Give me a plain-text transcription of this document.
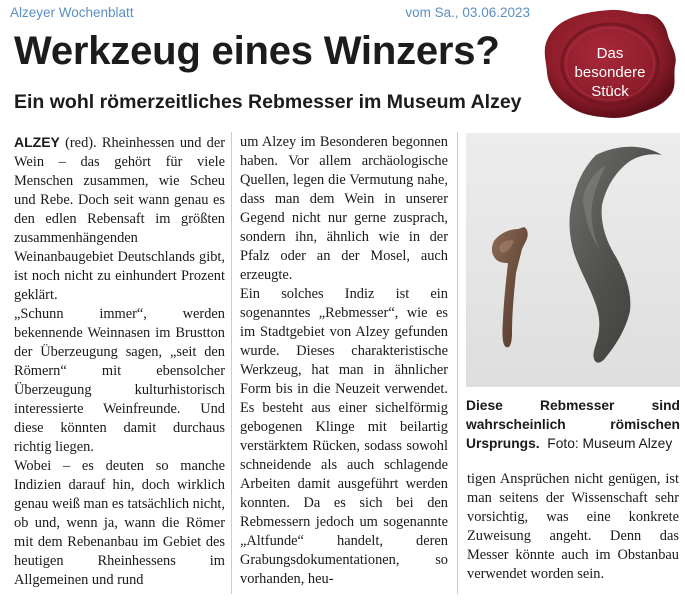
Alzeyer Wochenblatt	vom Sa., 03.06.2023
Werkzeug eines Winzers?
Ein wohl römerzeitliches Rebmesser im Museum Alzey
Das
besondere
Stück

ALZEY (red). Rheinhessen und der Wein – das gehört für viele Menschen zusammen, wie Scheu und Rebe. Doch seit wann genau es den edlen Rebensaft im größten zusammenhängenden Weinanbaugebiet Deutschlands gibt, ist noch nicht zu einhundert Prozent geklärt.

„Schunn immer“, werden bekennende Weinnasen im Brustton der Überzeugung sagen, „seit den Römern“ mit ebensolcher Überzeugung kulturhistorisch interessierte Weinfreunde. Und diese könnten damit durchaus richtig liegen.

Wobei – es deuten so manche Indizien darauf hin, doch wirklich genau weiß man es tatsächlich nicht, ob und, wenn ja, wann die Römer mit dem Rebenanbau im Gebiet des heutigen Rheinhessens im Allgemeinen und rund

um Alzey im Besonderen begonnen haben. Vor allem archäologische Quellen, legen die Vermutung nahe, dass man dem Wein in unserer Gegend nicht nur gerne zusprach, sondern ihn, ähnlich wie in der Pfalz oder an der Mosel, auch erzeugte.

Ein solches Indiz ist ein sogenanntes „Rebmesser“, wie es im Stadtgebiet von Alzey gefunden wurde. Dieses charakteristische Werkzeug, hat man in ähnlicher Form bis in die Neuzeit verwendet. Es besteht aus einer sichelförmig gebogenen Klinge mit beilartig verstärktem Rücken, sodass sowohl schneidende als auch schlagende Arbeiten damit ausgeführt werden konnten. Da es sich bei den Rebmessern jedoch um sogenannte „Altfunde“ handelt, deren Grabungsdokumentationen, so vorhanden, heu-

Diese Rebmesser sind wahrscheinlich römischen Ursprungs. Foto: Museum Alzey

tigen Ansprüchen nicht genügen, ist man seitens der Wissenschaft sehr vorsichtig, was eine konkrete Zuweisung angeht. Denn das Messer könnte auch im Obstanbau verwendet worden sein.
